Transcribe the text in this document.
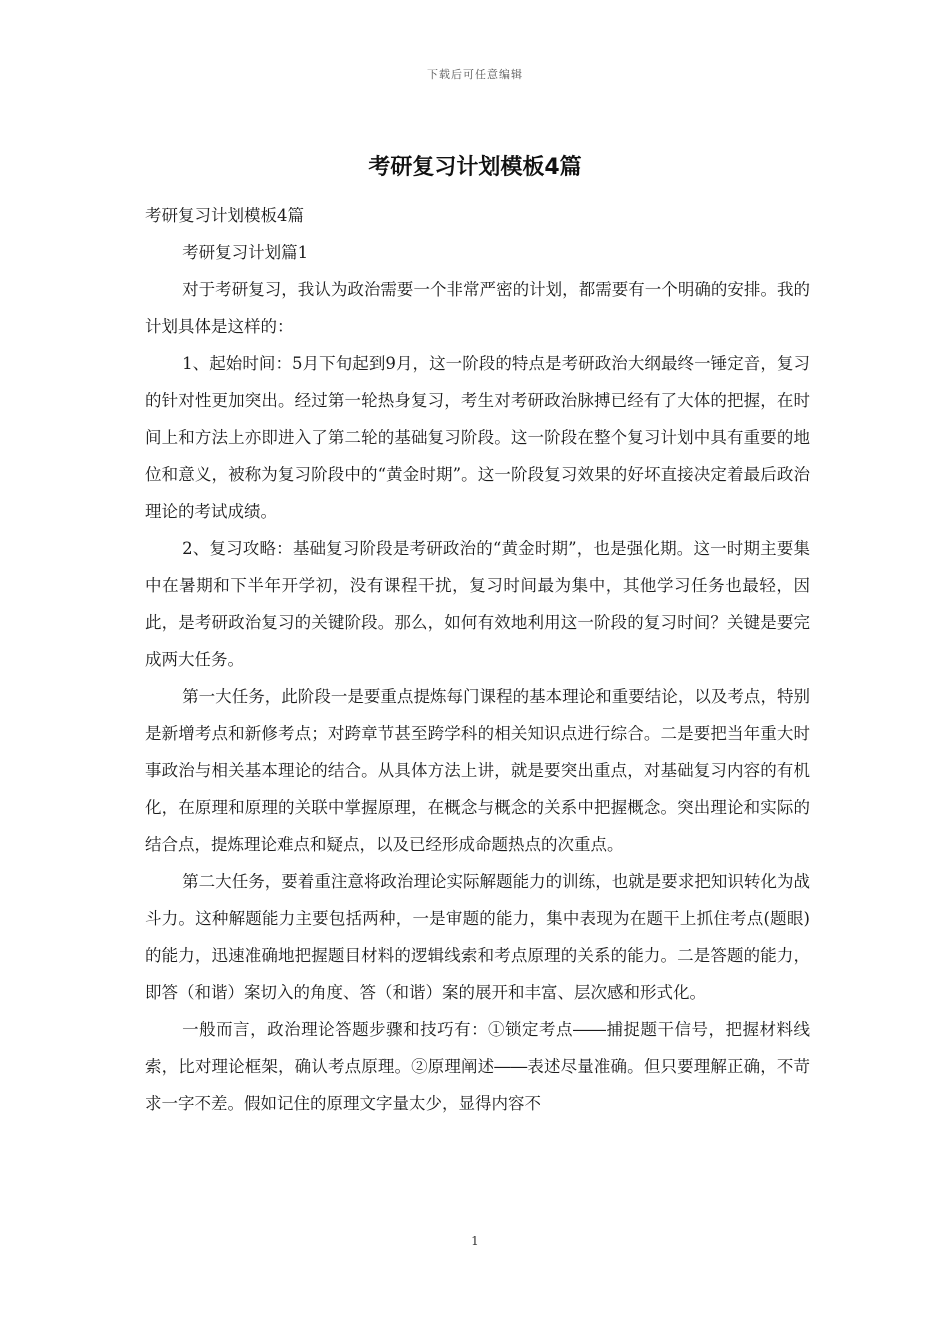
下载后可任意编辑
考研复习计划模板4篇

考研复习计划模板4篇

考研复习计划篇1

对于考研复习，我认为政治需要一个非常严密的计划，都需要有一个明确的安排。我的计划具体是这样的：

1、起始时间：5月下旬起到9月，这一阶段的特点是考研政治大纲最终一锤定音，复习的针对性更加突出。经过第一轮热身复习，考生对考研政治脉搏已经有了大体的把握，在时间上和方法上亦即进入了第二轮的基础复习阶段。这一阶段在整个复习计划中具有重要的地位和意义，被称为复习阶段中的“黄金时期”。这一阶段复习效果的好坏直接决定着最后政治理论的考试成绩。

2、复习攻略：基础复习阶段是考研政治的“黄金时期”，也是强化期。这一时期主要集中在暑期和下半年开学初，没有课程干扰，复习时间最为集中，其他学习任务也最轻，因此，是考研政治复习的关键阶段。那么，如何有效地利用这一阶段的复习时间？关键是要完成两大任务。

第一大任务，此阶段一是要重点提炼每门课程的基本理论和重要结论，以及考点，特别是新增考点和新修考点；对跨章节甚至跨学科的相关知识点进行综合。二是要把当年重大时事政治与相关基本理论的结合。从具体方法上讲，就是要突出重点，对基础复习内容的有机化，在原理和原理的关联中掌握原理，在概念与概念的关系中把握概念。突出理论和实际的结合点，提炼理论难点和疑点，以及已经形成命题热点的次重点。

第二大任务，要着重注意将政治理论实际解题能力的训练，也就是要求把知识转化为战斗力。这种解题能力主要包括两种，一是审题的能力，集中表现为在题干上抓住考点(题眼)的能力，迅速准确地把握题目材料的逻辑线索和考点原理的关系的能力。二是答题的能力，即答（和谐）案切入的角度、答（和谐）案的展开和丰富、层次感和形式化。

一般而言，政治理论答题步骤和技巧有：①锁定考点――捕捉题干信号，把握材料线索，比对理论框架，确认考点原理。②原理阐述――表述尽量准确。但只要理解正确，不苛求一字不差。假如记住的原理文字量太少，显得内容不

1
